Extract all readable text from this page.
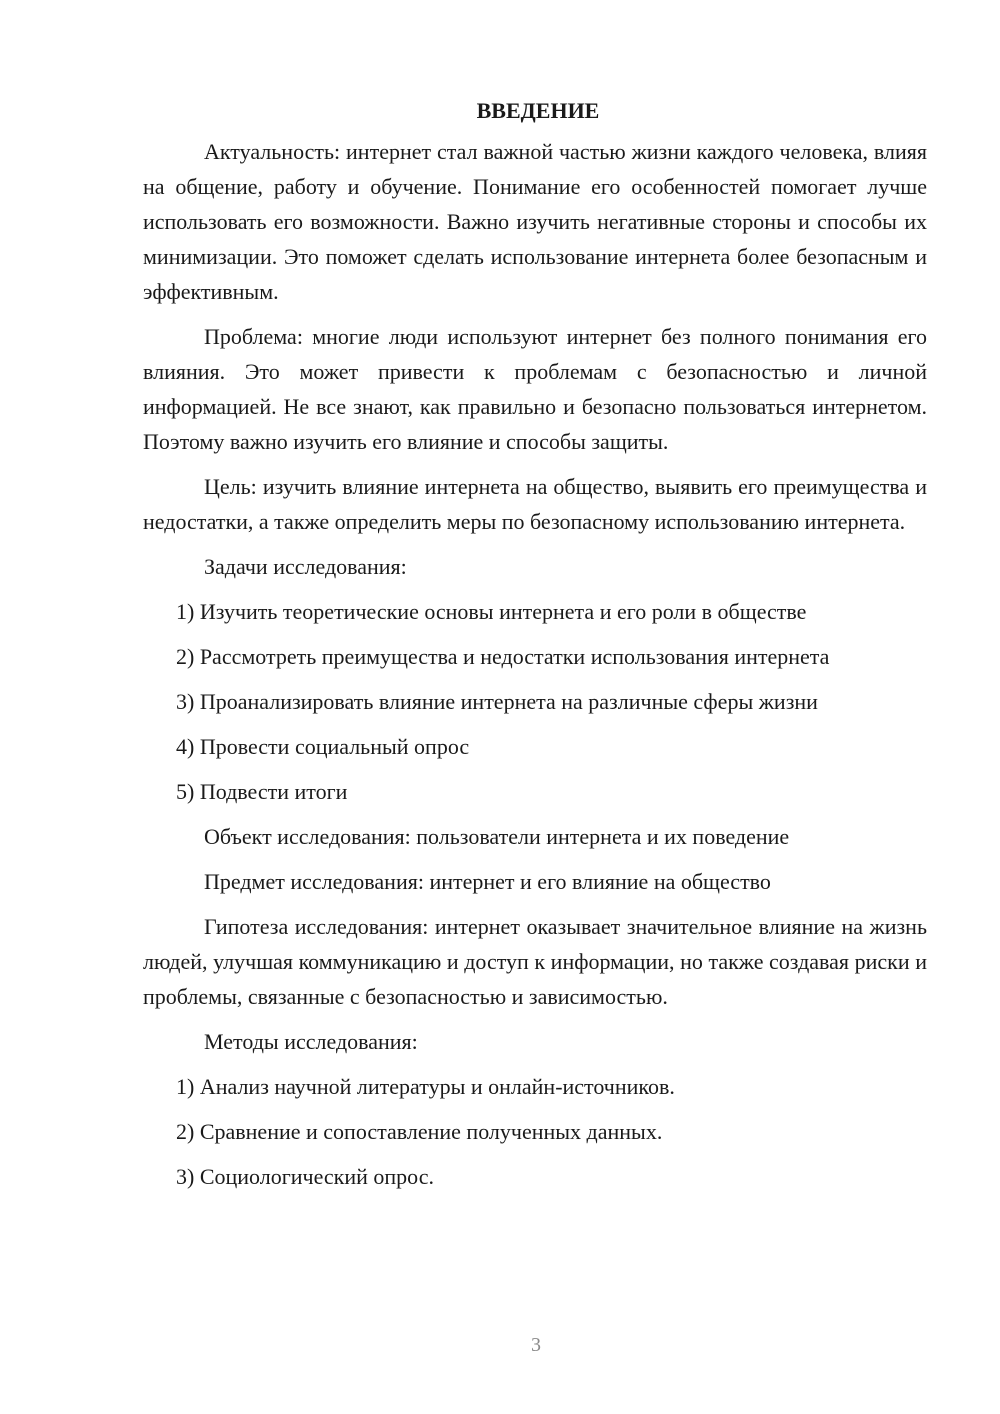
ВВЕДЕНИЕ

Актуальность: интернет стал важной частью жизни каждого человека, влияя на общение, работу и обучение. Понимание его особенностей помогает лучше использовать его возможности. Важно изучить негативные стороны и способы их минимизации. Это поможет сделать использование интернета более безопасным и эффективным.

Проблема: многие люди используют интернет без полного понимания его влияния. Это может привести к проблемам с безопасностью и личной информацией. Не все знают, как правильно и безопасно пользоваться интернетом. Поэтому важно изучить его влияние и способы защиты.

Цель: изучить влияние интернета на общество, выявить его преимущества и недостатки, а также определить меры по безопасному использованию интернета.

Задачи исследования:

1) Изучить теоретические основы интернета и его роли в обществе
2) Рассмотреть преимущества и недостатки использования интернета
3) Проанализировать влияние интернета на различные сферы жизни
4) Провести социальный опрос
5) Подвести итоги

Объект исследования: пользователи интернета и их поведение

Предмет исследования: интернет и его влияние на общество

Гипотеза исследования: интернет оказывает значительное влияние на жизнь людей, улучшая коммуникацию и доступ к информации, но также создавая риски и проблемы, связанные с безопасностью и зависимостью.

Методы исследования:

1) Анализ научной литературы и онлайн-источников.
2) Сравнение и сопоставление полученных данных.
3) Социологический опрос.
3
